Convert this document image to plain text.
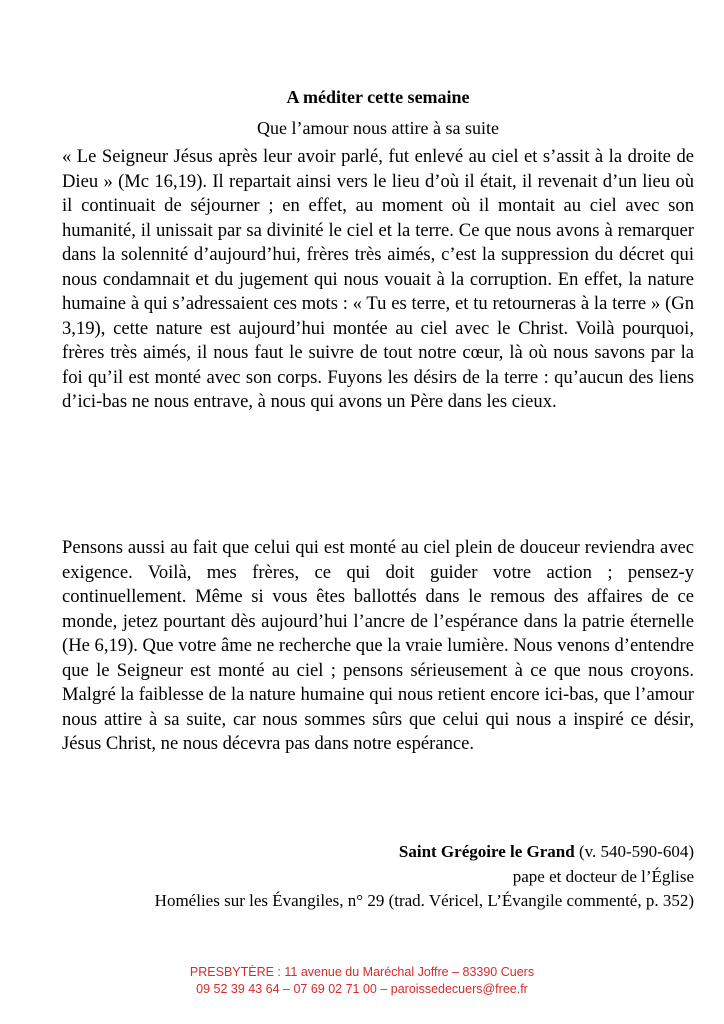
A méditer cette semaine
Que l’amour nous attire à sa suite

« Le Seigneur Jésus après leur avoir parlé, fut enlevé au ciel et s’assit à la droite de Dieu » (Mc 16,19). Il repartait ainsi vers le lieu d’où il était, il revenait d’un lieu où il continuait de séjourner ; en effet, au moment où il montait au ciel avec son humanité, il unissait par sa divinité le ciel et la terre. Ce que nous avons à remarquer dans la solennité d’aujourd’hui, frères très aimés, c’est la suppression du décret qui nous condamnait et du jugement qui nous vouait à la corruption. En effet, la nature humaine à qui s’adressaient ces mots : « Tu es terre, et tu retourneras à la terre » (Gn 3,19), cette nature est aujourd’hui montée au ciel avec le Christ. Voilà pourquoi, frères très aimés, il nous faut le suivre de tout notre cœur, là où nous savons par la foi qu’il est monté avec son corps. Fuyons les désirs de la terre : qu’aucun des liens d’ici-bas ne nous entrave, à nous qui avons un Père dans les cieux.

Pensons aussi au fait que celui qui est monté au ciel plein de douceur reviendra avec exigence. Voilà, mes frères, ce qui doit guider votre action ; pensez-y continuellement. Même si vous êtes ballottés dans le remous des affaires de ce monde, jetez pourtant dès aujourd’hui l’ancre de l’espérance dans la patrie éternelle (He 6,19). Que votre âme ne recherche que la vraie lumière. Nous venons d’entendre que le Seigneur est monté au ciel ; pensons sérieusement à ce que nous croyons. Malgré la faiblesse de la nature humaine qui nous retient encore ici-bas, que l’amour nous attire à sa suite, car nous sommes sûrs que celui qui nous a inspiré ce désir, Jésus Christ, ne nous décevra pas dans notre espérance.

Saint Grégoire le Grand (v. 540-590-604)
pape et docteur de l’Église
Homélies sur les Évangiles, n° 29 (trad. Véricel, L’Évangile commenté, p. 352)
PRESBYTÈRE : 11 avenue du Maréchal Joffre – 83390 Cuers
09 52 39 43 64 – 07 69 02 71 00 – paroissedecuers@free.fr
